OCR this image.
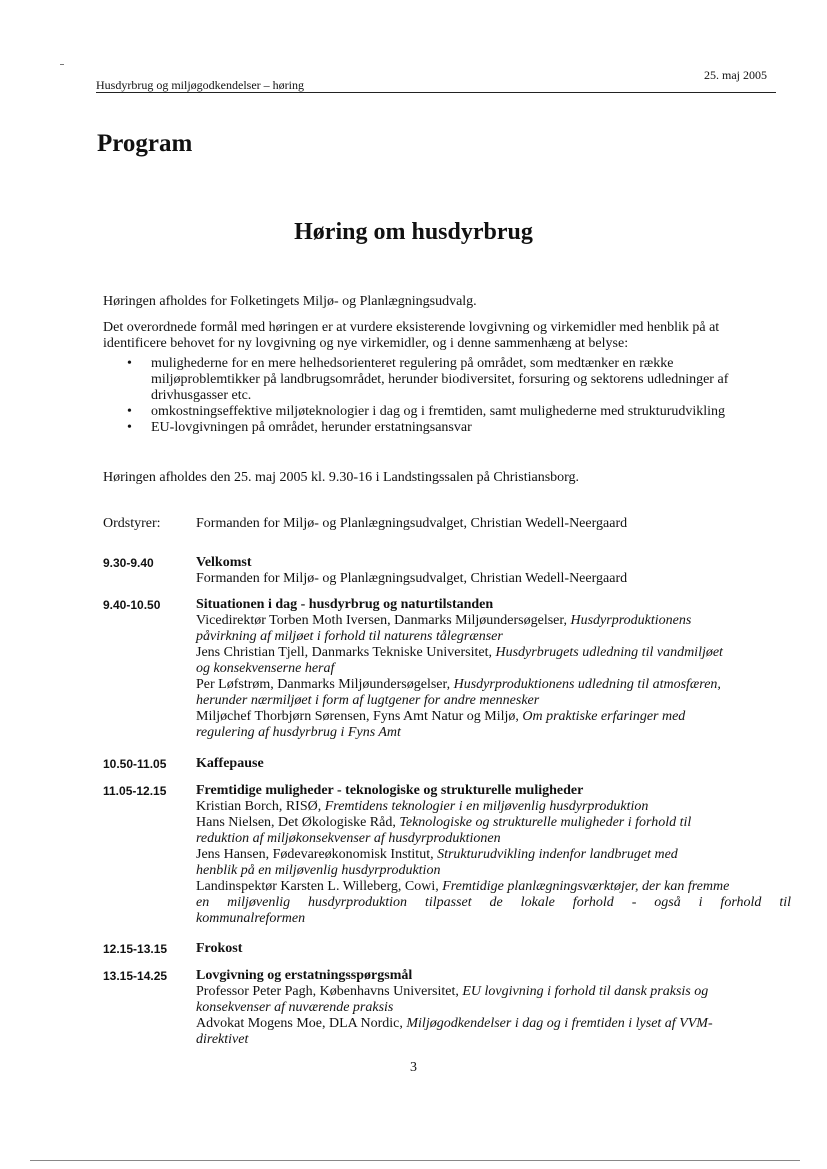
Husdyrbrug og miljøgodkendelser – høring
25. maj 2005
Program
Høring om husdyrbrug
Høringen afholdes for Folketingets Miljø- og Planlægningsudvalg.
Det overordnede formål med høringen er at vurdere eksisterende lovgivning og virkemidler med henblik på at identificere behovet for ny lovgivning og nye virkemidler, og i denne sammenhæng at belyse:
• mulighederne for en mere helhedsorienteret regulering på området, som medtænker en række miljøproblemtikker på landbrugsområdet, herunder biodiversitet, forsuring og sektorens udledninger af drivhusgasser etc.
• omkostningseffektive miljøteknologier i dag og i fremtiden, samt mulighederne med strukturudvikling
• EU-lovgivningen på området, herunder erstatningsansvar
Høringen afholdes den 25. maj 2005 kl. 9.30-16 i Landstingssalen på Christiansborg.
Ordstyrer:	Formanden for Miljø- og Planlægningsudvalget, Christian Wedell-Neergaard
9.30-9.40	Velkomst
Formanden for Miljø- og Planlægningsudvalget, Christian Wedell-Neergaard
9.40-10.50	Situationen i dag - husdyrbrug og naturtilstanden
Vicedirektør Torben Moth Iversen, Danmarks Miljøundersøgelser, Husdyrproduktionens
påvirkning af miljøet i forhold til naturens tålegrænser
Jens Christian Tjell, Danmarks Tekniske Universitet, Husdyrbrugets udledning til vandmiljøet
og konsekvenserne heraf
Per Løfstrøm, Danmarks Miljøundersøgelser, Husdyrproduktionens udledning til atmosfæren,
herunder nærmiljøet i form af lugtgener for andre mennesker
Miljøchef Thorbjørn Sørensen, Fyns Amt Natur og Miljø, Om praktiske erfaringer med
regulering af husdyrbrug i Fyns Amt
10.50-11.05	Kaffepause
11.05-12.15	Fremtidige muligheder - teknologiske og strukturelle muligheder
Kristian Borch, RISØ, Fremtidens teknologier i en miljøvenlig husdyrproduktion
Hans Nielsen, Det Økologiske Råd, Teknologiske og strukturelle muligheder i forhold til
reduktion af miljøkonsekvenser af husdyrproduktionen
Jens Hansen, Fødevareøkonomisk Institut, Strukturudvikling indenfor landbruget med
henblik på en miljøvenlig husdyrproduktion
Landinspektør Karsten L. Willeberg, Cowi, Fremtidige planlægningsværktøjer, der kan fremme
en miljøvenlig husdyrproduktion tilpasset de lokale forhold - også i forhold til
kommunalreformen
12.15-13.15	Frokost
13.15-14.25	Lovgivning og erstatningsspørgsmål
Professor Peter Pagh, Københavns Universitet, EU lovgivning i forhold til dansk praksis og
konsekvenser af nuværende praksis
Advokat Mogens Moe, DLA Nordic, Miljøgodkendelser i dag og i fremtiden i lyset af VVM-
direktivet
3
